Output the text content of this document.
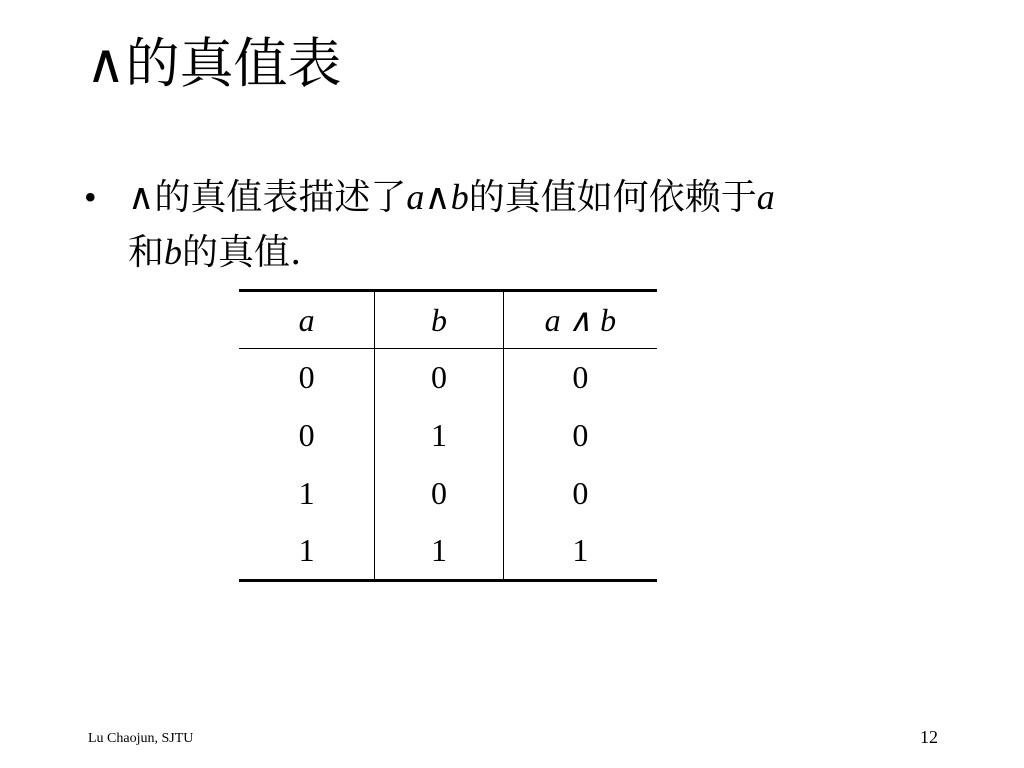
∧的真值表
• ∧的真值表描述了a∧b的真值如何依赖于a
和b的真值.
a	b	a ∧ b
0	0	0
0	1	0
1	0	0
1	1	1
Lu Chaojun, SJTU	12
